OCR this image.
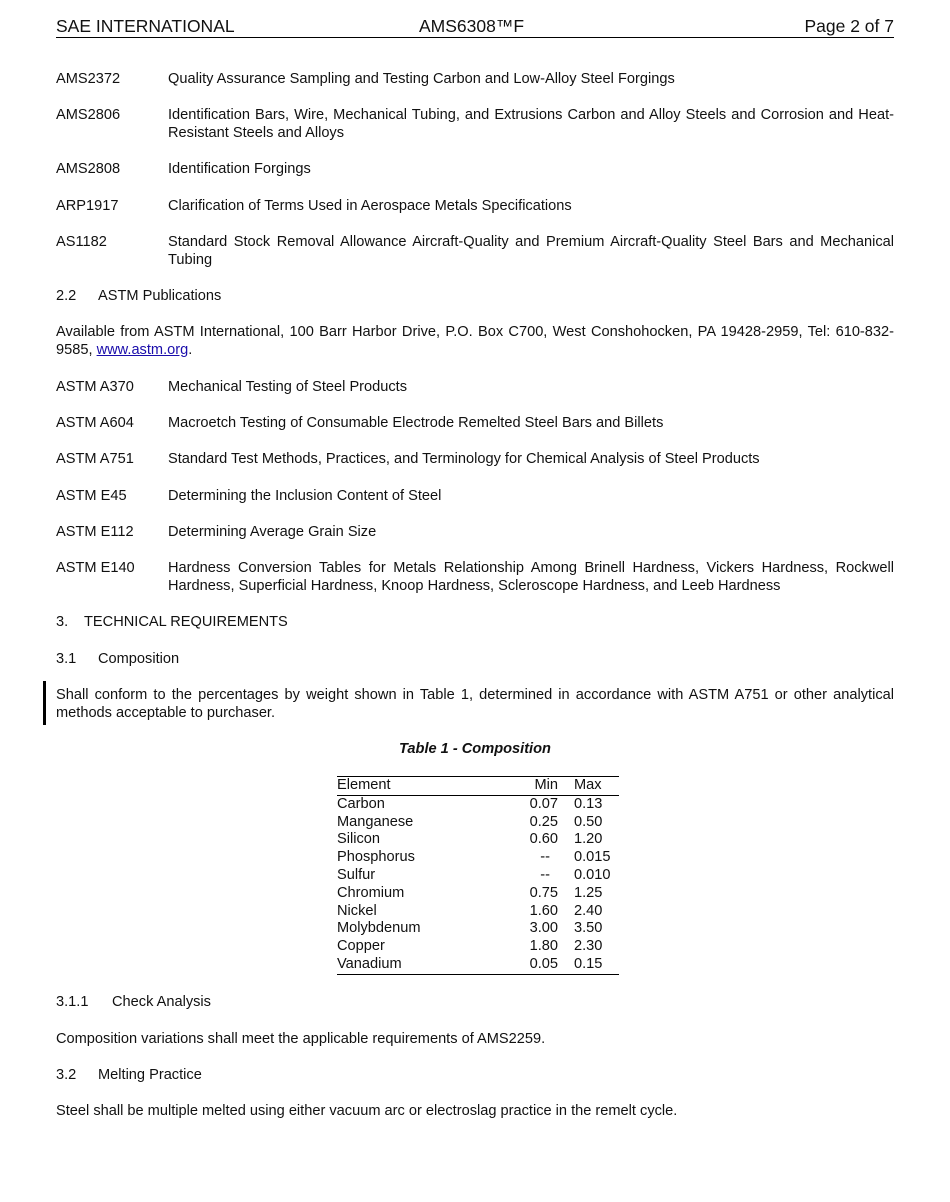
SAE INTERNATIONAL	AMS6308™F	Page 2 of 7
AMS2372	Quality Assurance Sampling and Testing Carbon and Low-Alloy Steel Forgings
AMS2806	Identification Bars, Wire, Mechanical Tubing, and Extrusions Carbon and Alloy Steels and Corrosion and Heat-Resistant Steels and Alloys
AMS2808	Identification Forgings
ARP1917	Clarification of Terms Used in Aerospace Metals Specifications
AS1182	Standard Stock Removal Allowance Aircraft-Quality and Premium Aircraft-Quality Steel Bars and Mechanical Tubing
2.2 ASTM Publications
Available from ASTM International, 100 Barr Harbor Drive, P.O. Box C700, West Conshohocken, PA 19428-2959, Tel: 610-832-9585, www.astm.org.
ASTM A370 Mechanical Testing of Steel Products
ASTM A604 Macroetch Testing of Consumable Electrode Remelted Steel Bars and Billets
ASTM A751 Standard Test Methods, Practices, and Terminology for Chemical Analysis of Steel Products
ASTM E45	Determining the Inclusion Content of Steel
ASTM E112 Determining Average Grain Size
ASTM E140 Hardness Conversion Tables for Metals Relationship Among Brinell Hardness, Vickers Hardness, Rockwell Hardness, Superficial Hardness, Knoop Hardness, Scleroscope Hardness, and Leeb Hardness
3. TECHNICAL REQUIREMENTS
3.1 Composition
Shall conform to the percentages by weight shown in Table 1, determined in accordance with ASTM A751 or other analytical methods acceptable to purchaser.
Table 1 - Composition
Element	Min		Max
Carbon	0.07		0.13
Manganese	0.25		0.50
Silicon	0.60		1.20
Phosphorus	--		0.015
Sulfur	--		0.010
Chromium	0.75		1.25
Nickel	1.60		2.40
Molybdenum	3.00		3.50
Copper	1.80		2.30
Vanadium	0.05		0.15
3.1.1 Check Analysis
Composition variations shall meet the applicable requirements of AMS2259.
3.2 Melting Practice
Steel shall be multiple melted using either vacuum arc or electroslag practice in the remelt cycle.
